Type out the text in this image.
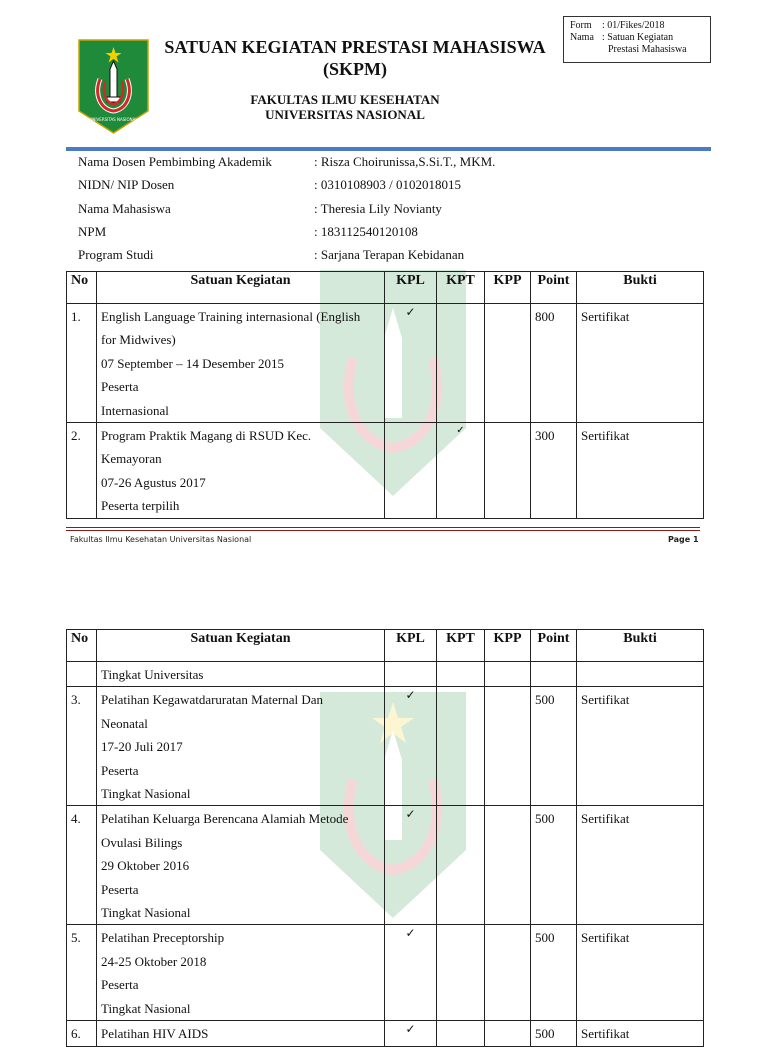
Form	: 01/Fikes/2018
Nama : Satuan Kegiatan
Prestasi Mahasiswa
UNIVERSITAS NASIONAL
SATUAN KEGIATAN PRESTASI MAHASISWA
(SKPM)
FAKULTAS ILMU KESEHATAN
UNIVERSITAS NASIONAL
Nama Dosen Pembimbing Akademik	: Risza Choirunissa,S.Si.T., MKM.
NIDN/ NIP Dosen	: 0310108903 / 0102018015
Nama Mahasiswa	: Theresia Lily Novianty
NPM	: 183112540120108
Program Studi	: Sarjana Terapan Kebidanan
No	Satuan Kegiatan	KPL	KPT	KPP	Point	Bukti
1.	English Language Training internasional (English
for Midwives)
07 September – 14 Desember 2015
Peserta
Internasional	✓			800	Sertifikat
2.	Program Praktik Magang di RSUD Kec.
Kemayoran
07-26 Agustus 2017
Peserta terpilih		✓		300	Sertifikat
Fakultas Ilmu Kesehatan Universitas Nasional	Page 1
No	Satuan Kegiatan	KPL	KPT	KPP	Point	Bukti

	Tingkat Universitas					

3.	Pelatihan Kegawatdaruratan Maternal Dan
Neonatal
17-20 Juli 2017
Peserta
Tingkat Nasional	✓			500	Sertifikat
4.	Pelatihan Keluarga Berencana Alamiah Metode
Ovulasi Bilings
29 Oktober 2016
Peserta
Tingkat Nasional	✓			500	Sertifikat
5.	Pelatihan Preceptorship
24-25 Oktober 2018
Peserta
Tingkat Nasional	✓			500	Sertifikat
6.	Pelatihan HIV AIDS	✓			500	Sertifikat
